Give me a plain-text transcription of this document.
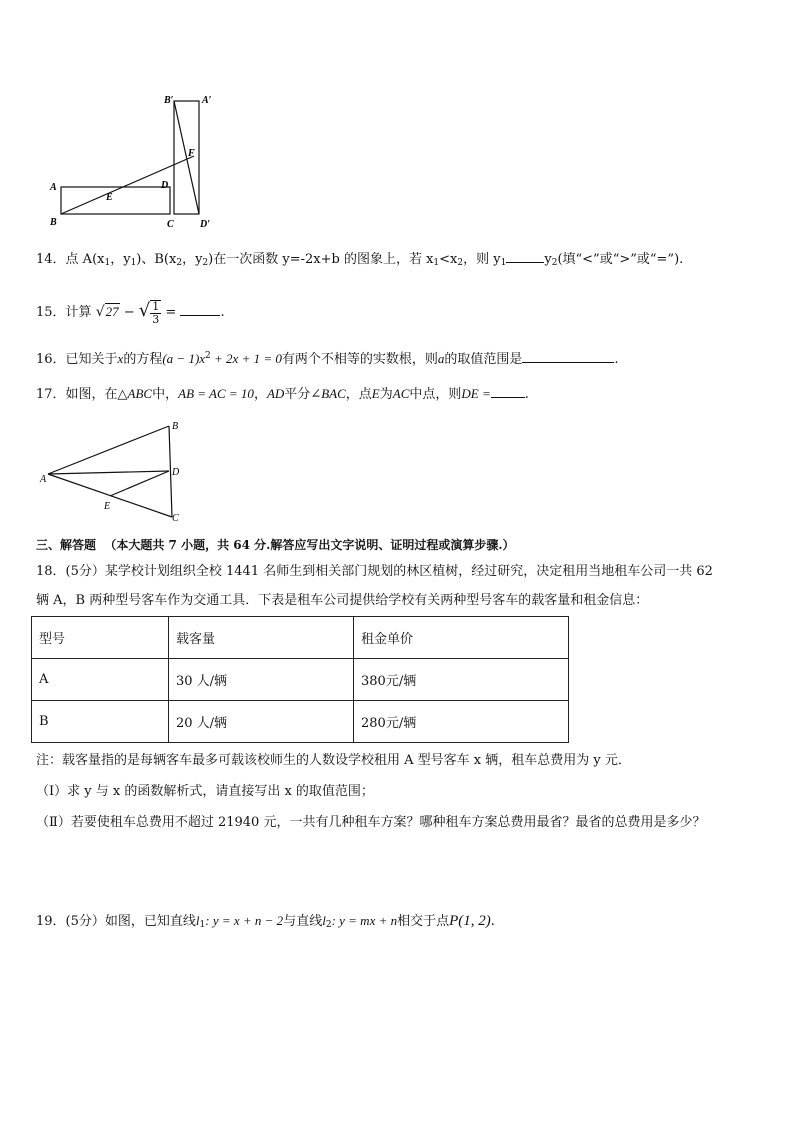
A
B	C
D
E
F
B′	A′
D′
14．点 $A(x_1$，$y_1$)、$B(x_2$，$y_2$)在一次函数 y=-2x+b 的图象上，若 $x_1<x_2$，则 $y_1$	$y_2$(填“<”或“>”或“=”).
15．计算 √27 − √ $\frac{1}{3}$ =	.
16．已知关于x的方程$(a - 1)x^2 + 2x + 1 = 0$有两个不相等的实数根，则a的取值范围是	.
17．如图，在△ABC中，AB = AC = 10，AD平分∠BAC，点E为AC中点，则DE =	.
A
B
C
D
E
三、解答题 （本大题共 7 小题，共 64 分.解答应写出文字说明、证明过程或演算步骤.）
18．(5分）某学校计划组织全校 1441 名师生到相关部门规划的林区植树，经过研究，决定租用当地租车公司一共 62
辆 A，B 两种型号客车作为交通工具．下表是租车公司提供给学校有关两种型号客车的载客量和租金信息：
型号	载客量	租金单价
A	30 人/辆	380元/辆
B	20 人/辆	280元/辆
注：载客量指的是每辆客车最多可载该校师生的人数设学校租用 A 型号客车 x 辆，租车总费用为 y 元．
（Ⅰ）求 y 与 x 的函数解析式，请直接写出 x 的取值范围；
（Ⅱ）若要使租车总费用不超过 21940 元，一共有几种租车方案？哪种租车方案总费用最省？最省的总费用是多少？
19．(5分）如图，已知直线$l_1$: y = x + n − 2与直线$l_2$: y = mx + n相交于点P(1, 2).
